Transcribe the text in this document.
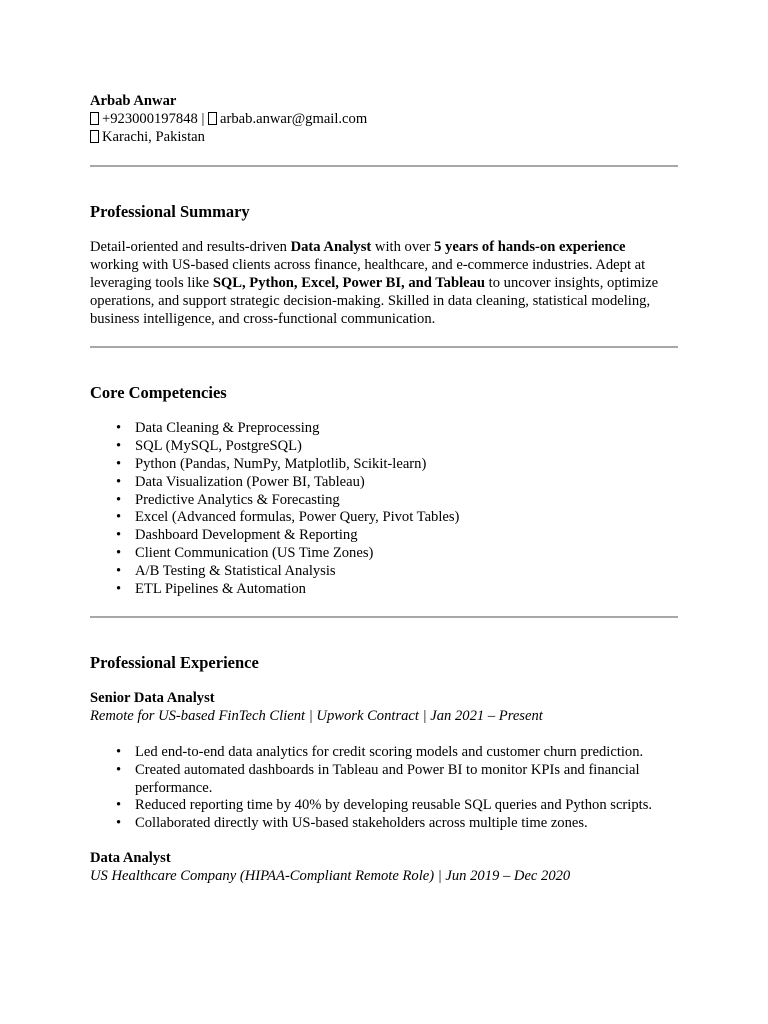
Arbab Anwar
+923000197848 | arbab.anwar@gmail.com
Karachi, Pakistan
Professional Summary

Detail-oriented and results-driven Data Analyst with over 5 years of hands-on experience working with US-based clients across finance, healthcare, and e-commerce industries. Adept at leveraging tools like SQL, Python, Excel, Power BI, and Tableau to uncover insights, optimize operations, and support strategic decision-making. Skilled in data cleaning, statistical modeling, business intelligence, and cross-functional communication.

Core Competencies
• Data Cleaning & Preprocessing
• SQL (MySQL, PostgreSQL)
• Python (Pandas, NumPy, Matplotlib, Scikit-learn)
• Data Visualization (Power BI, Tableau)
• Predictive Analytics & Forecasting
• Excel (Advanced formulas, Power Query, Pivot Tables)
• Dashboard Development & Reporting
• Client Communication (US Time Zones)
• A/B Testing & Statistical Analysis
• ETL Pipelines & Automation
Professional Experience
Senior Data Analyst
Remote for US-based FinTech Client | Upwork Contract | Jan 2021 – Present
• Led end-to-end data analytics for credit scoring models and customer churn prediction.
• Created automated dashboards in Tableau and Power BI to monitor KPIs and financial performance.
• Reduced reporting time by 40% by developing reusable SQL queries and Python scripts.
• Collaborated directly with US-based stakeholders across multiple time zones.
Data Analyst
US Healthcare Company (HIPAA-Compliant Remote Role) | Jun 2019 – Dec 2020
